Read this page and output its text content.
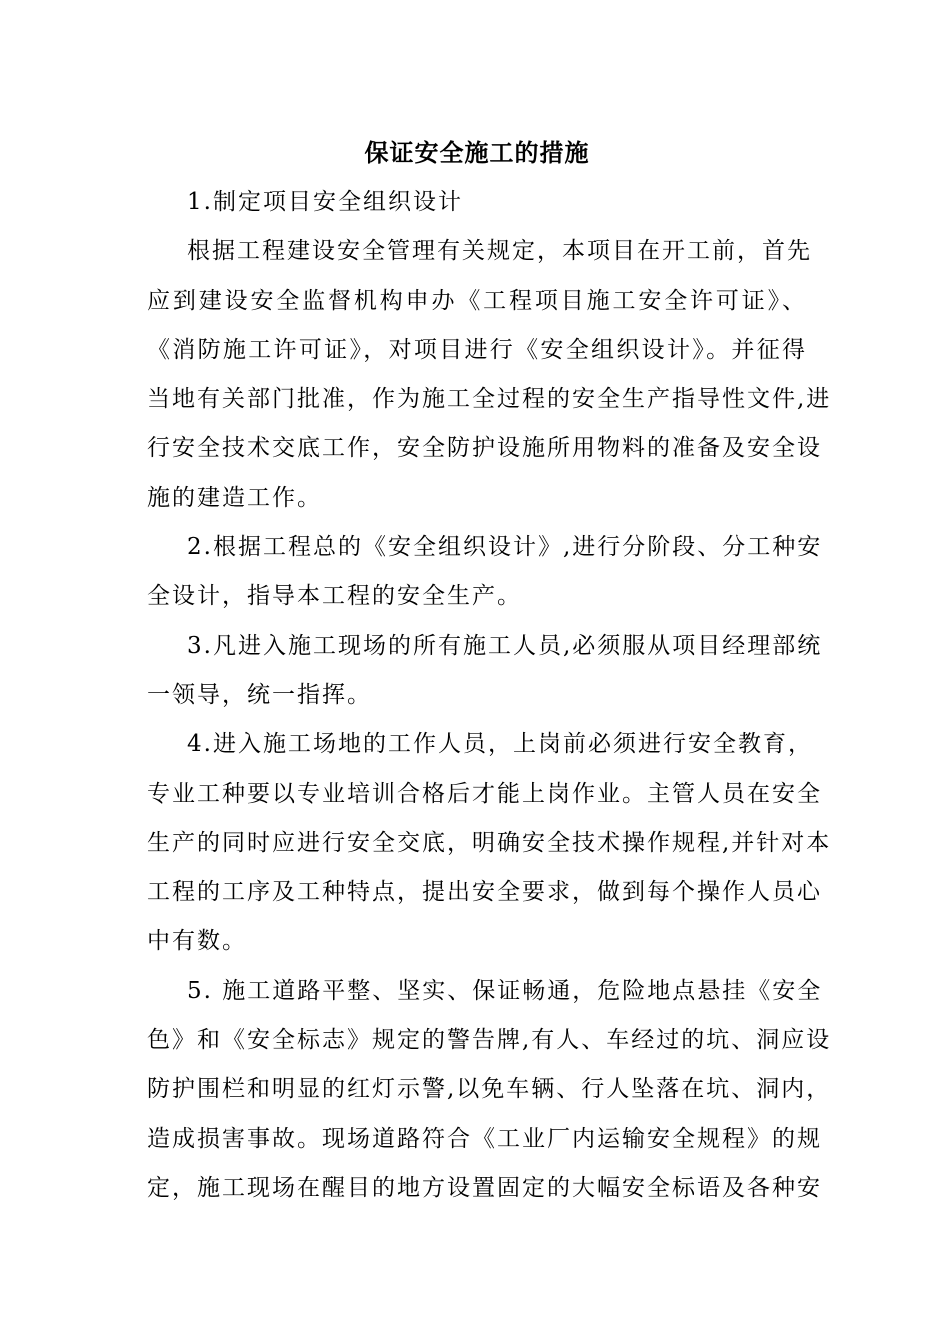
保证安全施工的措施
1.制定项目安全组织设计
根据工程建设安全管理有关规定，本项目在开工前，首先
应到建设安全监督机构申办《工程项目施工安全许可证》、
《消防施工许可证》，对项目进行《安全组织设计》。并征得
当地有关部门批准，作为施工全过程的安全生产指导性文件,进
行安全技术交底工作，安全防护设施所用物料的准备及安全设
施的建造工作。
2.根据工程总的《安全组织设计》,进行分阶段、分工种安
全设计，指导本工程的安全生产。
3.凡进入施工现场的所有施工人员,必须服从项目经理部统
一领导，统一指挥。
4.进入施工场地的工作人员，上岗前必须进行安全教育，
专业工种要以专业培训合格后才能上岗作业。主管人员在安全
生产的同时应进行安全交底，明确安全技术操作规程,并针对本
工程的工序及工种特点，提出安全要求，做到每个操作人员心
中有数。
5. 施工道路平整、坚实、保证畅通，危险地点悬挂《安全
色》和《安全标志》规定的警告牌,有人、车经过的坑、洞应设
防护围栏和明显的红灯示警,以免车辆、行人坠落在坑、洞内，
造成损害事故。现场道路符合《工业厂内运输安全规程》的规
定，施工现场在醒目的地方设置固定的大幅安全标语及各种安
